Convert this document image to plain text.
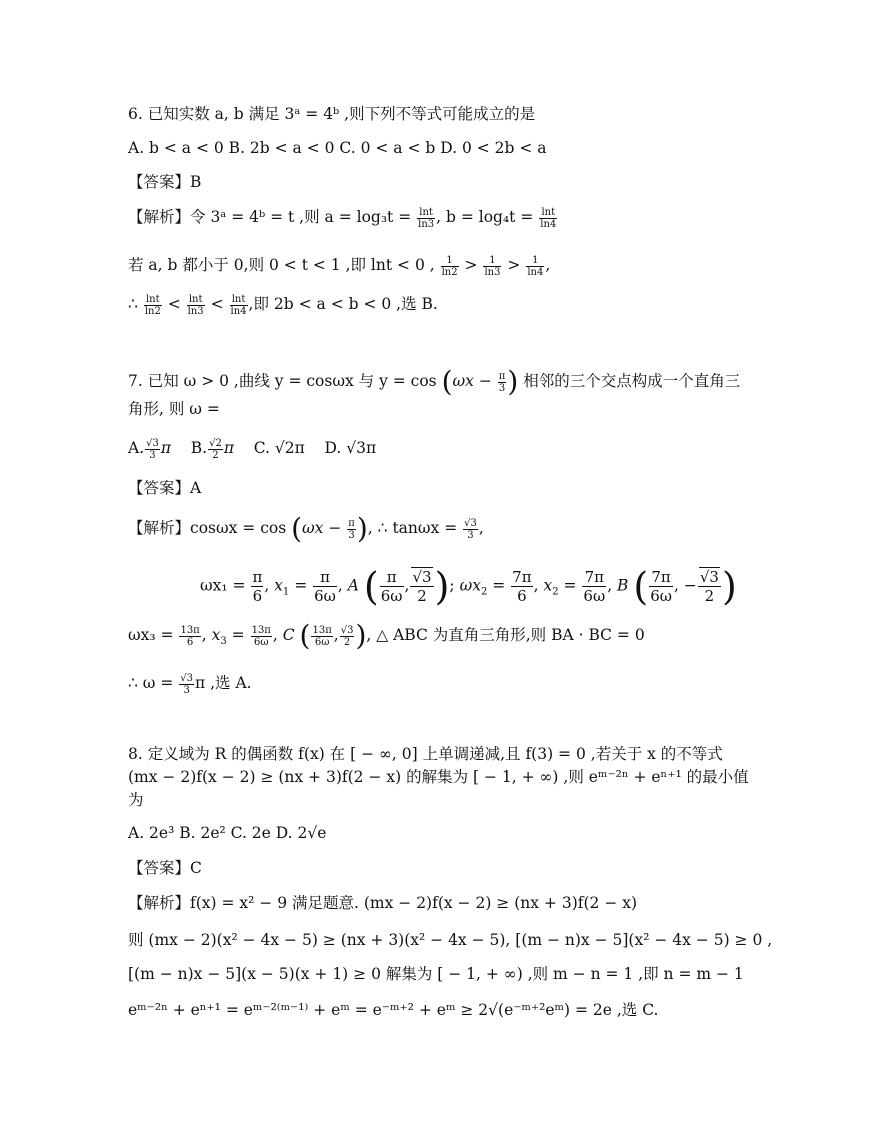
6. 已知实数 a, b 满足 3ᵃ = 4ᵇ ,则下列不等式可能成立的是
A. b < a < 0 B. 2b < a < 0 C. 0 < a < b D. 0 < 2b < a
【答案】B
【解析】令 3ᵃ = 4ᵇ = t ,则 $a = \log_3t = \frac{\ln t}{\ln 3}$ , $b = \log_4t = \frac{\ln t}{\ln 4}$
若 a, b 都小于 0,则 0 < t < 1 ,即 lnt < 0 , $\frac{1}{\ln 2} > \frac{1}{\ln 3} > \frac{1}{\ln 4}$ ,
∴ $\frac{\ln t}{\ln 2} < \frac{\ln t}{\ln 3} < \frac{\ln t}{\ln 4}$ ,即 2b < a < b < 0 ,选 B.
7. 已知 ω > 0 ,曲线 y = cosωx 与 $y = \cos (\omega x - \frac{\pi}{3}$ ) 相邻的三个交点构成一个直角三
角形, 则 ω =
A. $\frac{√3}{3}$ π B. $\frac{√2}{2}$ π C. √2π D. √3π
【答案】A
【解析】$\cos\omega x = \cos (\omega x - \frac{\pi}{3}$ ), ∴ $\tan\omega x = \frac{√3}{3}$ ,
$\omega x_1 = \frac{\pi}{6}$ , $x_1 = \frac{\pi}{6\omega}$ , A ( $\frac{\pi}{6\omega}$ , $\frac{√3}{2}$ ); $\omega x_2 = \frac{7\pi}{6}$ , $x_2 = \frac{7\pi}{6\omega}$ , B ( $\frac{7\pi}{6\omega}$ , − $\frac{√3}{2}$ )
$\omega x_3 = \frac{13\pi}{6}$ , $x_3 = \frac{13\pi}{6\omega}$ , C ( $\frac{13\pi}{6\omega}$ , $\frac{√3}{2}$ ), △ ABC 为直角三角形,则 BA · BC = 0
∴ $\omega = \frac{√3}{3}$ π ,选 A.
8. 定义域为 R 的偶函数 f(x) 在 [ − ∞, 0] 上单调递减,且 f(3) = 0 ,若关于 x 的不等式
(mx − 2)f(x − 2) ≥ (nx + 3)f(2 − x) 的解集为 [ − 1, + ∞) ,则 eᵐ⁻²ⁿ + eⁿ⁺¹ 的最小值
为
A. 2e³ B. 2e² C. 2e D. 2√e
【答案】C
【解析】f(x) = x² − 9 满足题意. (mx − 2)f(x − 2) ≥ (nx + 3)f(2 − x)
则 (mx − 2)(x² − 4x − 5) ≥ (nx + 3)(x² − 4x − 5), [(m − n)x − 5](x² − 4x − 5) ≥ 0 ,
[(m − n)x − 5](x − 5)(x + 1) ≥ 0 解集为 [ − 1, + ∞) ,则 m − n = 1 ,即 n = m − 1
eᵐ⁻²ⁿ + eⁿ⁺¹ = eᵐ⁻²⁽ᵐ⁻¹⁾ + eᵐ = e⁻ᵐ⁺² + eᵐ ≥ 2√(e⁻ᵐ⁺²eᵐ) = 2e ,选 C.
